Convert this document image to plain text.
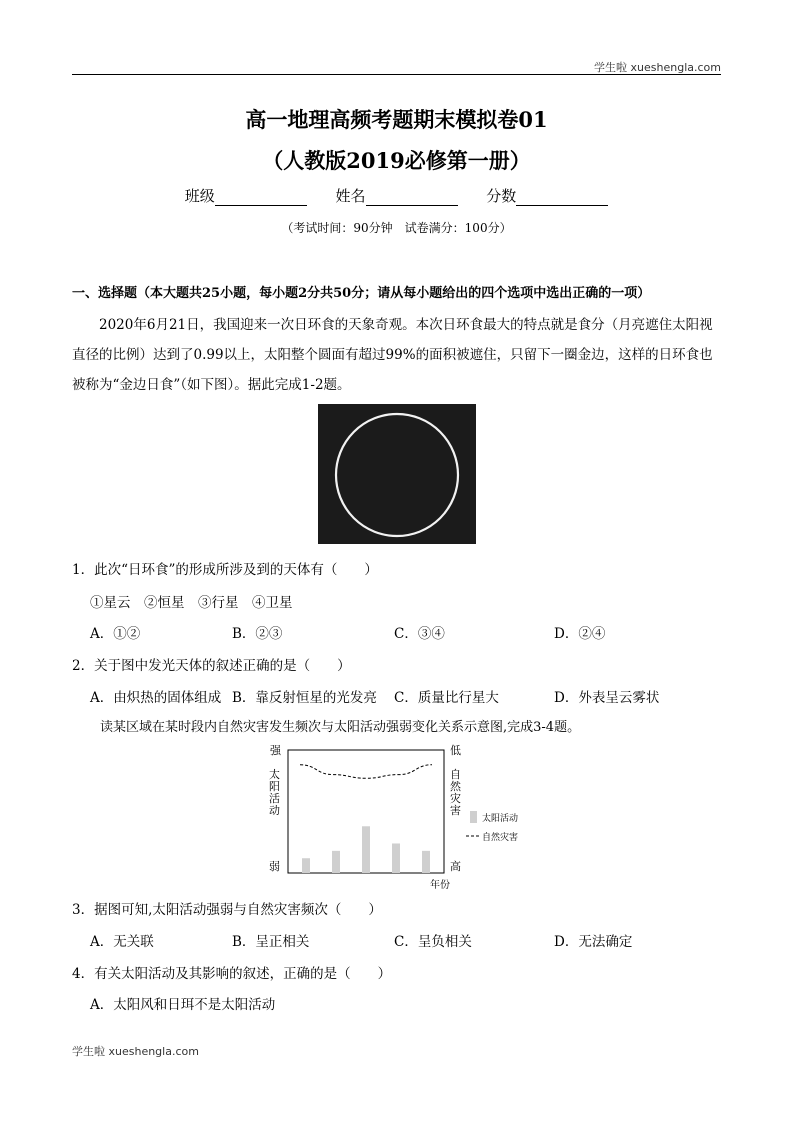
学生啦 xueshengla.com
高一地理高频考题期末模拟卷01
（人教版2019必修第一册）
班级	姓名	分数
（考试时间：90分钟　试卷满分：100分）
一、选择题（本大题共25小题，每小题2分共50分；请从每小题给出的四个选项中选出正确的一项）
2020年6月21日，我国迎来一次日环食的天象奇观。本次日环食最大的特点就是食分（月亮遮住太阳视直径的比例）达到了0.99以上，太阳整个圆面有超过99%的面积被遮住，只留下一圈金边，这样的日环食也被称为“金边日食”（如下图）。据此完成1-2题。
1．此次“日环食”的形成所涉及到的天体有（　　）
①星云　②恒星　③行星　④卫星
A．①②	B．②③	C．③④	D．②④
2．关于图中发光天体的叙述正确的是（　　）
A．由炽热的固体组成 B．靠反射恒星的光发亮 C．质量比行星大	D．外表呈云雾状
读某区域在某时段内自然灾害发生频次与太阳活动强弱变化关系示意图,完成3-4题。
强
弱
低
高
太
阳
活
动
自
然
灾
害
年份
太阳活动
自然灾害
3．据图可知,太阳活动强弱与自然灾害频次（　　）
A．无关联	B．呈正相关	C．呈负相关	D．无法确定
4．有关太阳活动及其影响的叙述，正确的是（　　）
A．太阳风和日珥不是太阳活动
学生啦 xueshengla.com
